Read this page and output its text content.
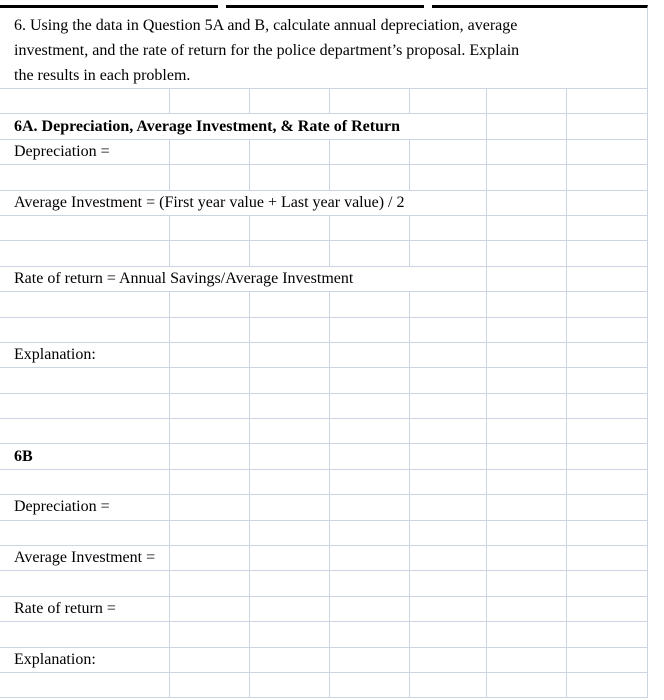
6. Using the data in Question 5A and B, calculate annual depreciation, average
investment, and the rate of return for the police department’s proposal. Explain
the results in each problem.
6A. Depreciation, Average Investment, & Rate of Return
Depreciation =
Average Investment = (First year value + Last year value) / 2
Rate of return = Annual Savings/Average Investment
Explanation:
6B
Depreciation =
Average Investment =
Rate of return =
Explanation:
